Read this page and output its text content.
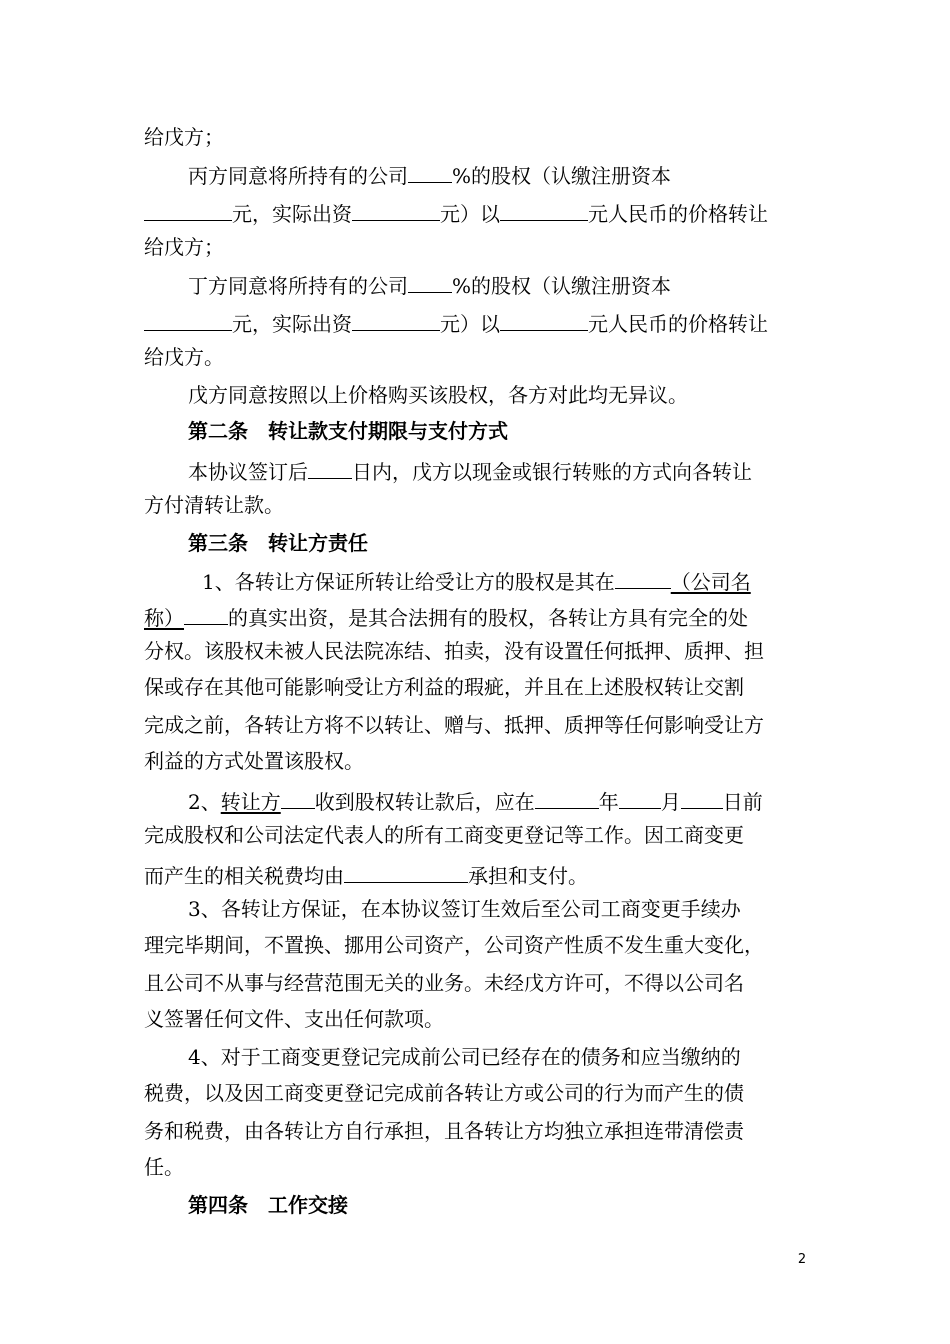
给戊方；
丙方同意将所持有的公司 %的股权（认缴注册资本
元，实际出资	元）以	元人民币的价格转让
给戊方；
丁方同意将所持有的公司 %的股权（认缴注册资本
元，实际出资	元）以	元人民币的价格转让
给戊方。
戊方同意按照以上价格购买该股权，各方对此均无异议。
第二条　转让款支付期限与支付方式
本协议签订后 日内，戊方以现金或银行转账的方式向各转让
方付清转让款。
第三条　转让方责任
1、各转让方保证所转让给受让方的股权是其在	（公司名
称） 的真实出资，是其合法拥有的股权，各转让方具有完全的处
分权。该股权未被人民法院冻结、拍卖，没有设置任何抵押、质押、担
保或存在其他可能影响受让方利益的瑕疵，并且在上述股权转让交割
完成之前，各转让方将不以转让、赠与、抵押、质押等任何影响受让方
利益的方式处置该股权。
2、转让方 收到股权转让款后，应在	年 月 日前
完成股权和公司法定代表人的所有工商变更登记等工作。因工商变更
而产生的相关税费均由	承担和支付。
3、各转让方保证，在本协议签订生效后至公司工商变更手续办
理完毕期间，不置换、挪用公司资产，公司资产性质不发生重大变化，
且公司不从事与经营范围无关的业务。未经戊方许可，不得以公司名
义签署任何文件、支出任何款项。
4、对于工商变更登记完成前公司已经存在的债务和应当缴纳的
税费，以及因工商变更登记完成前各转让方或公司的行为而产生的债
务和税费，由各转让方自行承担，且各转让方均独立承担连带清偿责
任。
第四条　工作交接
2
